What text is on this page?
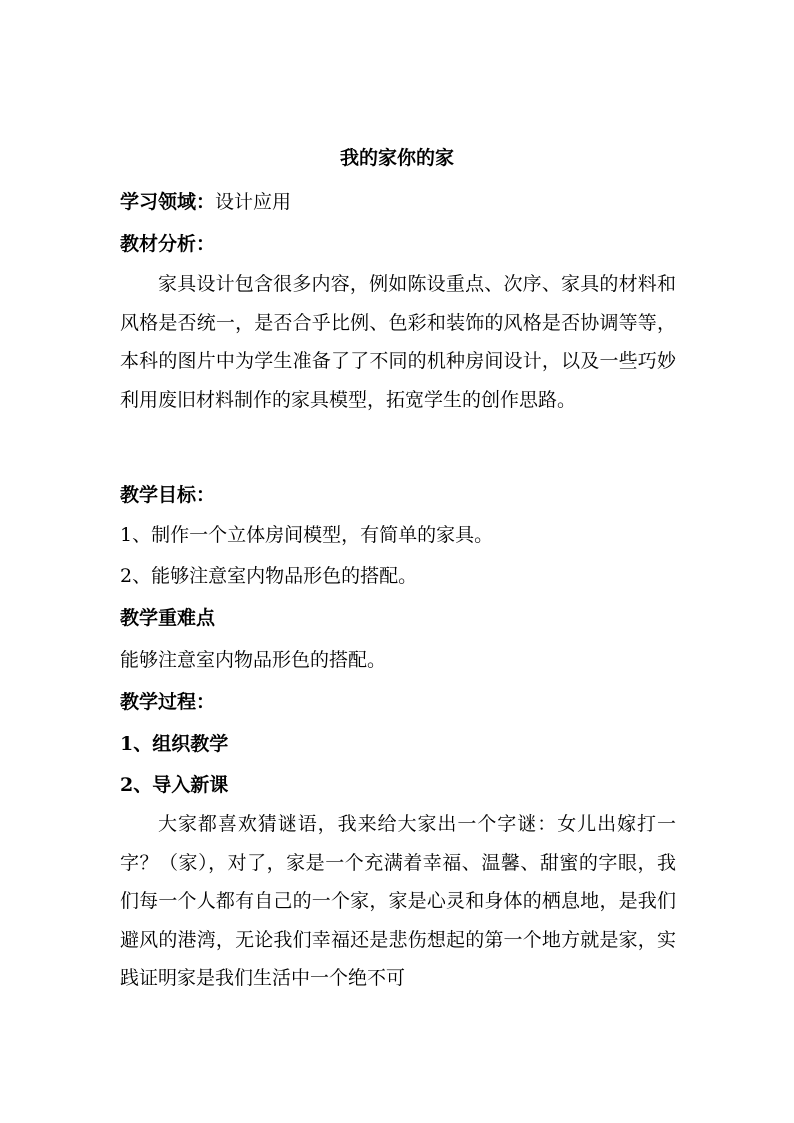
我的家你的家
学习领域：设计应用
教材分析：
家具设计包含很多内容，例如陈设重点、次序、家具的材料和风格是否统一，是否合乎比例、色彩和装饰的风格是否协调等等，本科的图片中为学生准备了了不同的机种房间设计，以及一些巧妙利用废旧材料制作的家具模型，拓宽学生的创作思路。
教学目标：
1、制作一个立体房间模型，有简单的家具。
2、能够注意室内物品形色的搭配。
教学重难点
能够注意室内物品形色的搭配。
教学过程：
1、组织教学
2、导入新课
大家都喜欢猜谜语，我来给大家出一个字谜：女儿出嫁打一字？（家），对了，家是一个充满着幸福、温馨、甜蜜的字眼，我们每一个人都有自己的一个家，家是心灵和身体的栖息地，是我们避风的港湾，无论我们幸福还是悲伤想起的第一个地方就是家，实践证明家是我们生活中一个绝不可
